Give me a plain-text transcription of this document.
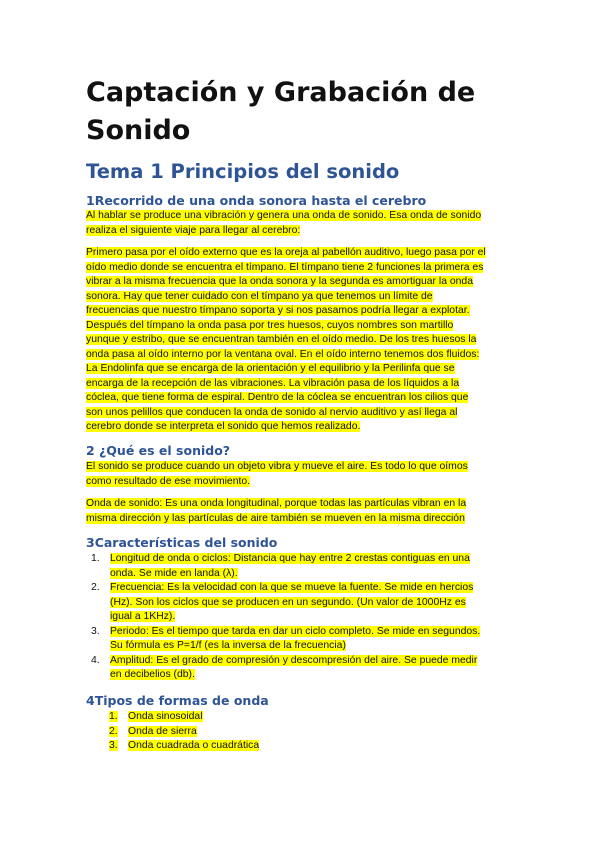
Captación y Grabación de Sonido
Tema 1 Principios del sonido
1Recorrido de una onda sonora hasta el cerebro
Al hablar se produce una vibración y genera una onda de sonido. Esa onda de sonido
realiza el siguiente viaje para llegar al cerebro:
Primero pasa por el oído externo que es la oreja al pabellón auditivo, luego pasa por el
oído medio donde se encuentra el tímpano. El tímpano tiene 2 funciones la primera es
vibrar a la misma frecuencia que la onda sonora y la segunda es amortiguar la onda
sonora. Hay que tener cuidado con el tímpano ya que tenemos un límite de
frecuencias que nuestro tímpano soporta y si nos pasamos podría llegar a explotar.
Después del tímpano la onda pasa por tres huesos, cuyos nombres son martillo
yunque y estribo, que se encuentran también en el oído medio. De los tres huesos la
onda pasa al oído interno por la ventana oval. En el oído interno tenemos dos fluidos:
La Endolinfa que se encarga de la orientación y el equilibrio y la Perilinfa que se
encarga de la recepción de las vibraciones. La vibración pasa de los líquidos a la
cóclea, que tiene forma de espiral. Dentro de la cóclea se encuentran los cilios que
son unos pelillos que conducen la onda de sonido al nervio auditivo y así llega al
cerebro donde se interpreta el sonido que hemos realizado.
2 ¿Qué es el sonido?
El sonido se produce cuando un objeto vibra y mueve el aire. Es todo lo que oímos
como resultado de ese movimiento.
Onda de sonido: Es una onda longitudinal, porque todas las partículas vibran en la
misma dirección y las partículas de aire también se mueven en la misma dirección
3Características del sonido
1. Longitud de onda o ciclos: Distancia que hay entre 2 crestas contiguas en una
onda. Se mide en landa (λ).
2. Frecuencia: Es la velocidad con la que se mueve la fuente. Se mide en hercios
(Hz). Son los ciclos que se producen en un segundo. (Un valor de 1000Hz es
igual a 1KHz).
3. Periodo: Es el tiempo que tarda en dar un ciclo completo. Se mide en segundos.
Su fórmula es P=1/f (es la inversa de la frecuencia)
4. Amplitud: Es el grado de compresión y descompresión del aire. Se puede medir
en decibelios (db).
4Tipos de formas de onda
1. Onda sinosoidal
2. Onda de sierra
3. Onda cuadrada o cuadrática
